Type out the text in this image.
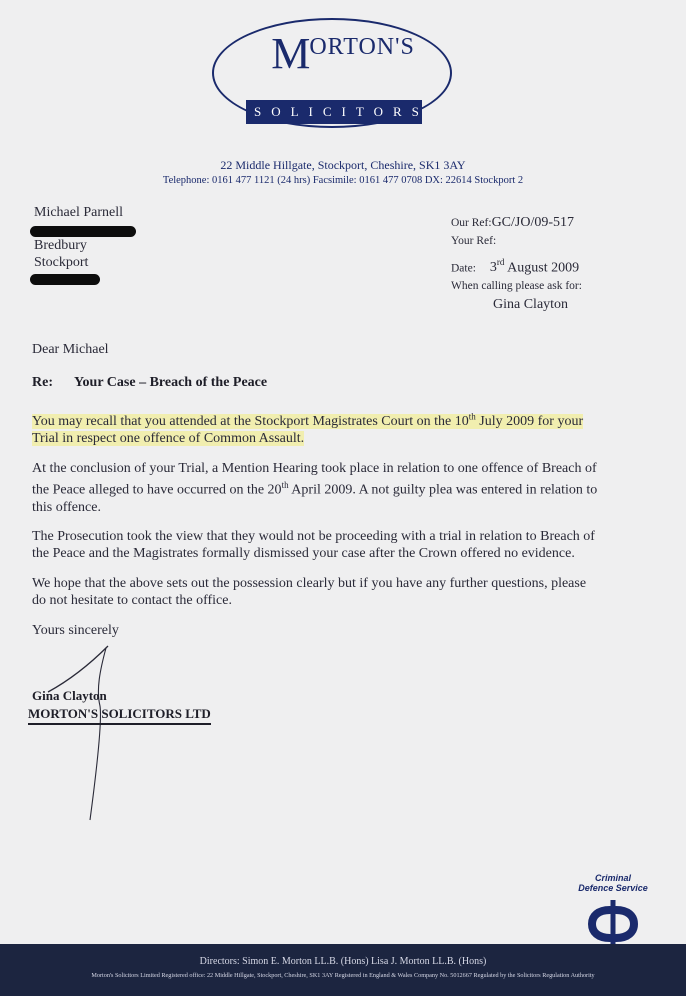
MORTON'S
SOLICITORS
22 Middle Hillgate, Stockport, Cheshire, SK1 3AY
Telephone: 0161 477 1121 (24 hrs) Facsimile: 0161 477 0708 DX: 22614 Stockport 2
Michael Parnell
Bredbury
Stockport
Our Ref:GC/JO/09-517
Your Ref:
Date: 3rd August 2009
When calling please ask for:
Gina Clayton
Dear Michael
Re: Your Case – Breach of the Peace
You may recall that you attended at the Stockport Magistrates Court on the 10th July 2009 for your
Trial in respect one offence of Common Assault.
At the conclusion of your Trial, a Mention Hearing took place in relation to one offence of Breach of the Peace alleged to have occurred on the 20th April 2009. A not guilty plea was entered in relation to this offence.
The Prosecution took the view that they would not be proceeding with a trial in relation to Breach of the Peace and the Magistrates formally dismissed your case after the Crown offered no evidence.
We hope that the above sets out the possession clearly but if you have any further questions, please do not hesitate to contact the office.
Yours sincerely
Gina Clayton
MORTON'S SOLICITORS LTD
Criminal
Defence Service
Directors: Simon E. Morton LL.B. (Hons) Lisa J. Morton LL.B. (Hons)
Morton's Solicitors Limited Registered office: 22 Middle Hillgate, Stockport, Cheshire, SK1 3AY Registered in England & Wales Company No. 5012667 Regulated by the Solicitors Regulation Authority
